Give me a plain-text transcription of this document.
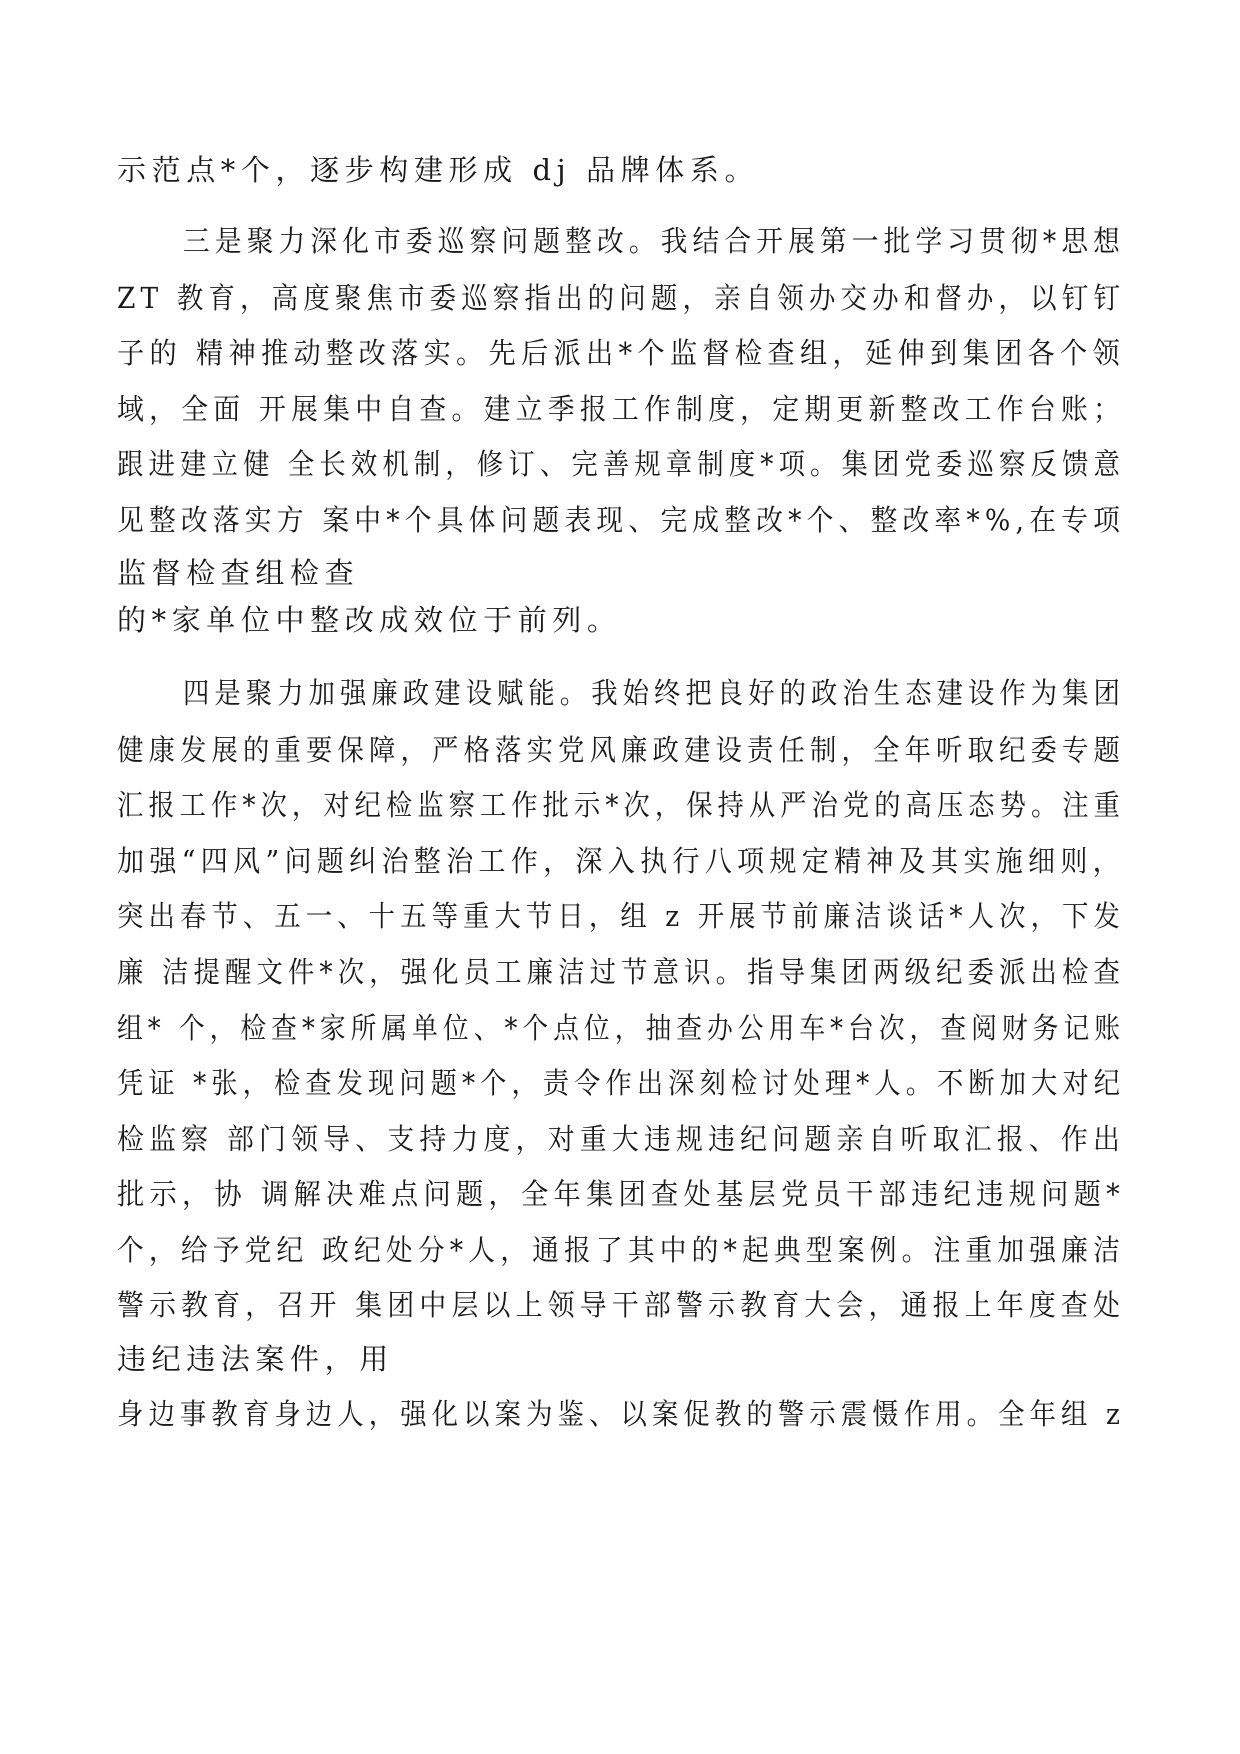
示范点*个，逐步构建形成 dj 品牌体系。
三是聚力深化市委巡察问题整改。我结合开展第一批学习贯彻*思想
ZT 教育，高度聚焦市委巡察指出的问题，亲自领办交办和督办，以钉钉
子的 精神推动整改落实。先后派出*个监督检查组，延伸到集团各个领
域，全面 开展集中自查。建立季报工作制度，定期更新整改工作台账；
跟进建立健 全长效机制，修订、完善规章制度*项。集团党委巡察反馈意
见整改落实方 案中*个具体问题表现、完成整改*个、整改率*%,在专项
监督检查组检查
的*家单位中整改成效位于前列。
四是聚力加强廉政建设赋能。我始终把良好的政治生态建设作为集团
健康发展的重要保障，严格落实党风廉政建设责任制，全年听取纪委专题
汇报工作*次，对纪检监察工作批示*次，保持从严治党的高压态势。注重
加强“四风”问题纠治整治工作，深入执行八项规定精神及其实施细则，
突出春节、五一、十五等重大节日，组 z 开展节前廉洁谈话*人次，下发
廉 洁提醒文件*次，强化员工廉洁过节意识。指导集团两级纪委派出检查
组* 个，检查*家所属单位、*个点位，抽查办公用车*台次，查阅财务记账
凭证 *张，检查发现问题*个，责令作出深刻检讨处理*人。不断加大对纪
检监察 部门领导、支持力度，对重大违规违纪问题亲自听取汇报、作出
批示，协 调解决难点问题，全年集团查处基层党员干部违纪违规问题*
个，给予党纪 政纪处分*人，通报了其中的*起典型案例。注重加强廉洁
警示教育，召开 集团中层以上领导干部警示教育大会，通报上年度查处
违纪违法案件，用
身边事教育身边人，强化以案为鉴、以案促教的警示震慑作用。全年组 z
